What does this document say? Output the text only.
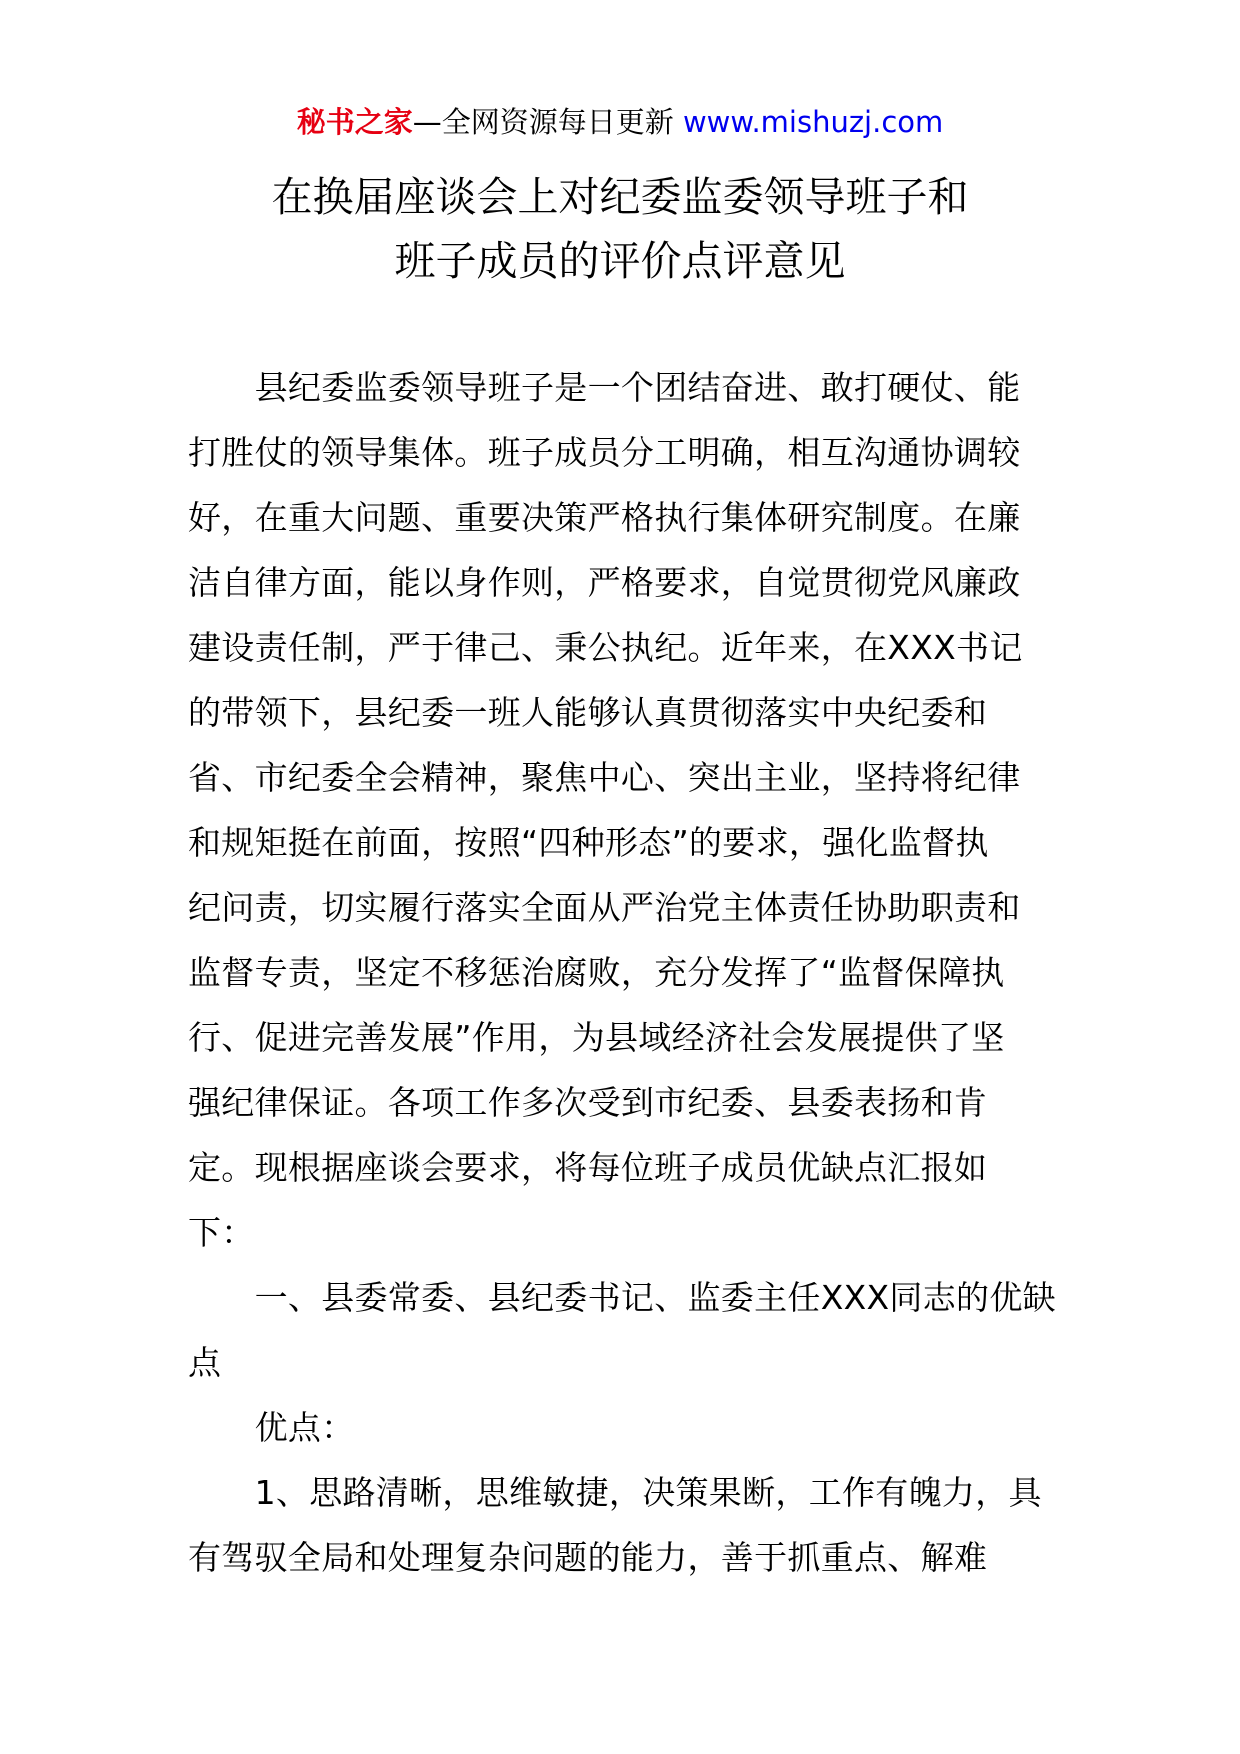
秘书之家—全网资源每日更新 www.mishuzj.com
在换届座谈会上对纪委监委领导班子和
班子成员的评价点评意见
　　县纪委监委领导班子是一个团结奋进、敢打硬仗、能
打胜仗的领导集体。班子成员分工明确，相互沟通协调较
好，在重大问题、重要决策严格执行集体研究制度。在廉
洁自律方面，能以身作则，严格要求，自觉贯彻党风廉政
建设责任制，严于律己、秉公执纪。近年来，在XXX书记
的带领下，县纪委一班人能够认真贯彻落实中央纪委和
省、市纪委全会精神，聚焦中心、突出主业，坚持将纪律
和规矩挺在前面，按照“四种形态”的要求，强化监督执
纪问责，切实履行落实全面从严治党主体责任协助职责和
监督专责，坚定不移惩治腐败，充分发挥了“监督保障执
行、促进完善发展”作用，为县域经济社会发展提供了坚
强纪律保证。各项工作多次受到市纪委、县委表扬和肯
定。现根据座谈会要求，将每位班子成员优缺点汇报如
下：
　　一、县委常委、县纪委书记、监委主任XXX同志的优缺
点
　　优点：
　　1、思路清晰，思维敏捷，决策果断，工作有魄力，具
有驾驭全局和处理复杂问题的能力，善于抓重点、解难
